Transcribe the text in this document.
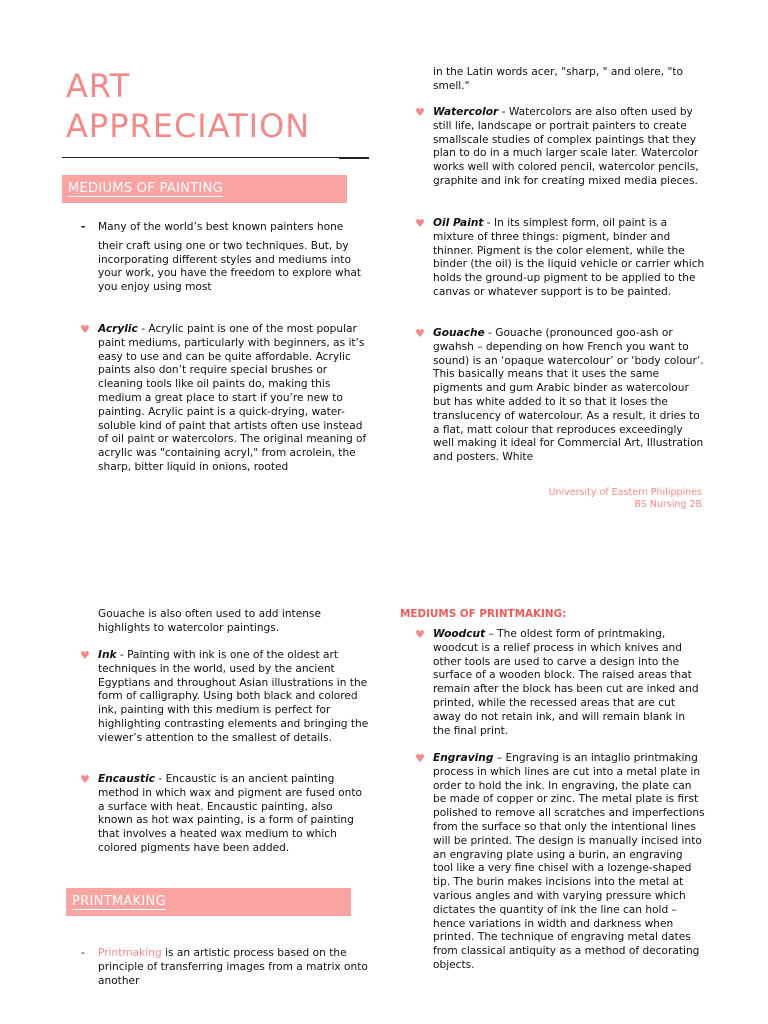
ART
APPRECIATION
MEDIUMS OF PAINTING
- Many of the world’s best known painters hone
their craft using one or two techniques. But, by incorporating different styles and mediums into your work, you have the freedom to explore what you enjoy using most
♥ Acrylic - Acrylic paint is one of the most popular paint mediums, particularly with beginners, as it’s easy to use and can be quite affordable. Acrylic paints also don’t require special brushes or cleaning tools like oil paints do, making this medium a great place to start if you’re new to painting. Acrylic paint is a quick-drying, water-soluble kind of paint that artists often use instead of oil paint or watercolors. The original meaning of acrylic was "containing acryl," from acrolein, the sharp, bitter liquid in onions, rooted
in the Latin words acer, "sharp, " and olere, "to smell."
♥ Watercolor - Watercolors are also often used by still life, landscape or portrait painters to create smallscale studies of complex paintings that they plan to do in a much larger scale later. Watercolor works well with colored pencil, watercolor pencils, graphite and ink for creating mixed media pieces.
♥ Oil Paint - In its simplest form, oil paint is a mixture of three things: pigment, binder and thinner. Pigment is the color element, while the binder (the oil) is the liquid vehicle or carrier which holds the ground-up pigment to be applied to the canvas or whatever support is to be painted.
♥ Gouache - Gouache (pronounced goo-ash or gwahsh – depending on how French you want to sound) is an ‘opaque watercolour’ or ‘body colour’. This basically means that it uses the same pigments and gum Arabic binder as watercolour but has white added to it so that it loses the translucency of watercolour. As a result, it dries to a flat, matt colour that reproduces exceedingly well making it ideal for Commercial Art, Illustration and posters. White
University of Eastern Philippines
BS Nursing 2B
Gouache is also often used to add intense highlights to watercolor paintings.
♥ Ink - Painting with ink is one of the oldest art techniques in the world, used by the ancient Egyptians and throughout Asian illustrations in the form of calligraphy. Using both black and colored ink, painting with this medium is perfect for highlighting contrasting elements and bringing the viewer’s attention to the smallest of details.
♥ Encaustic - Encaustic is an ancient painting method in which wax and pigment are fused onto a surface with heat. Encaustic painting, also known as hot wax painting, is a form of painting that involves a heated wax medium to which colored pigments have been added.
PRINTMAKING
- Printmaking is an artistic process based on the principle of transferring images from a matrix onto another
MEDIUMS OF PRINTMAKING:
♥ Woodcut – The oldest form of printmaking, woodcut is a relief process in which knives and other tools are used to carve a design into the surface of a wooden block. The raised areas that remain after the block has been cut are inked and printed, while the recessed areas that are cut away do not retain ink, and will remain blank in the final print.
♥ Engraving – Engraving is an intaglio printmaking process in which lines are cut into a metal plate in order to hold the ink. In engraving, the plate can be made of copper or zinc. The metal plate is first polished to remove all scratches and imperfections from the surface so that only the intentional lines will be printed. The design is manually incised into an engraving plate using a burin, an engraving tool like a very fine chisel with a lozenge-shaped tip. The burin makes incisions into the metal at various angles and with varying pressure which dictates the quantity of ink the line can hold – hence variations in width and darkness when printed. The technique of engraving metal dates from classical antiquity as a method of decorating objects.
